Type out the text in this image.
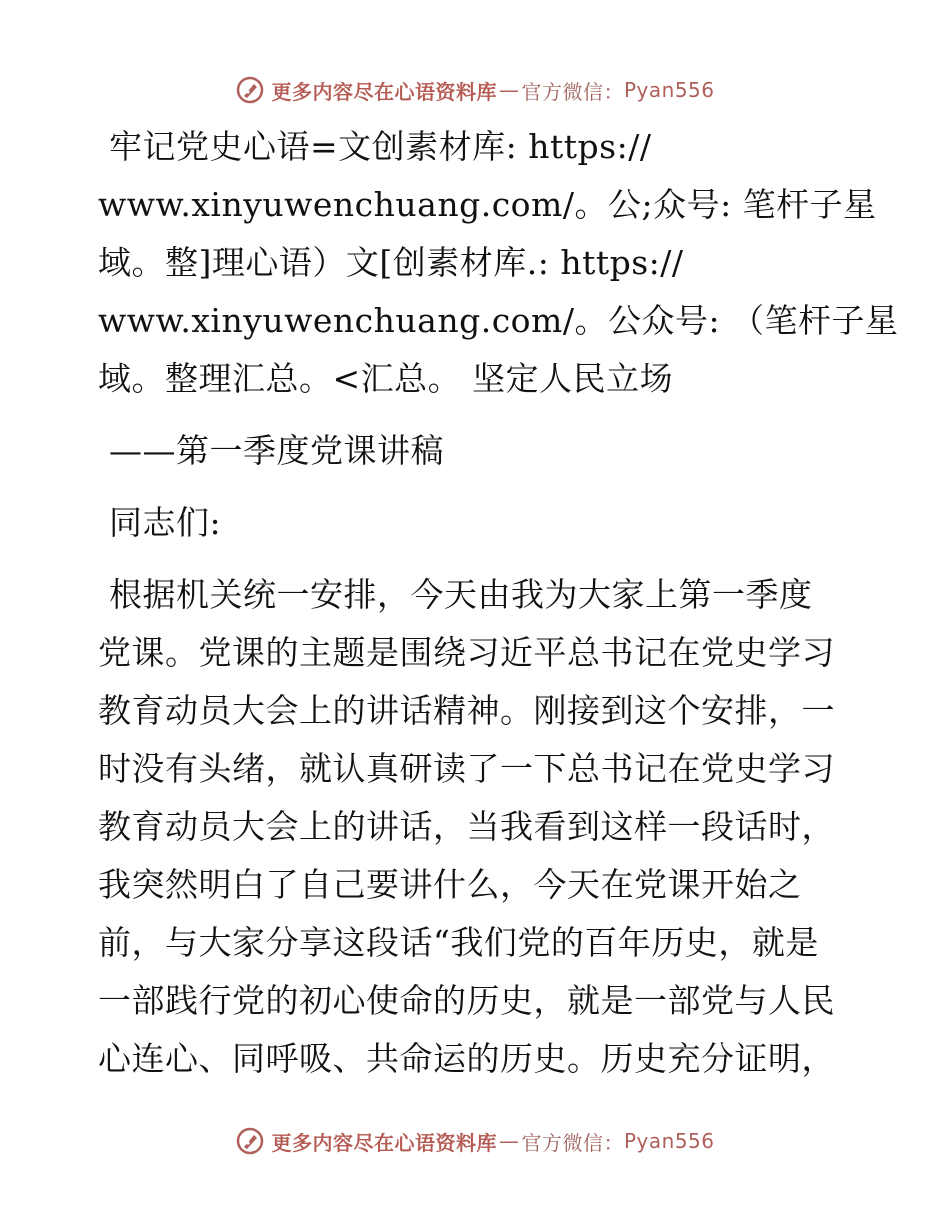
更多内容尽在心语资料库 — 官方微信： Pyan556
牢记党史心语=文创素材库: https://
www.xinyuwenchuang.com/。公;众号: 笔杆子星
域。整]理心语）文[创素材库.: https://
www.xinyuwenchuang.com/。公众号: （笔杆子星
域。整理汇总。<汇总。 坚定人民立场
——第一季度党课讲稿
同志们:
根据机关统一安排，今天由我为大家上第一季度
党课。党课的主题是围绕习近平总书记在党史学习
教育动员大会上的讲话精神。刚接到这个安排，一
时没有头绪，就认真研读了一下总书记在党史学习
教育动员大会上的讲话，当我看到这样一段话时，
我突然明白了自己要讲什么，今天在党课开始之
前，与大家分享这段话“我们党的百年历史，就是
一部践行党的初心使命的历史，就是一部党与人民
心连心、同呼吸、共命运的历史。历史充分证明，
更多内容尽在心语资料库 — 官方微信： Pyan556
